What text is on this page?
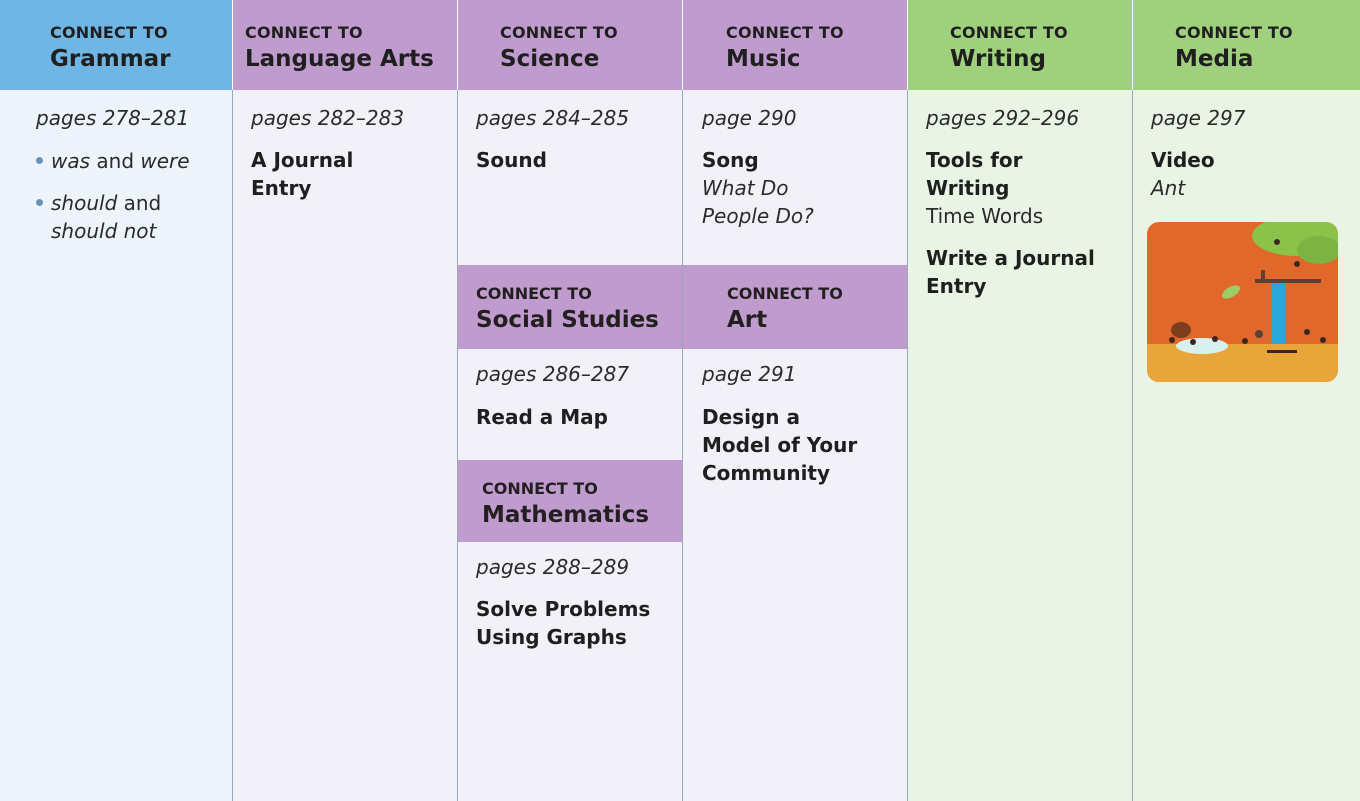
CONNECT TO
Grammar
CONNECT TO
Language Arts
CONNECT TO
Science
CONNECT TO
Music
CONNECT TO
Writing
CONNECT TO
Media
pages 278–281
was and were
should and
should not
pages 282–283
A Journal
Entry
pages 284–285
Sound
CONNECT TO
Social Studies
pages 286–287
Read a Map
CONNECT TO
Mathematics
pages 288–289
Solve Problems
Using Graphs
page 290
Song
What Do
People Do?
CONNECT TO
Art
page 291
Design a
Model of Your
Community
pages 292–296
Tools for
Writing
Time Words
Write a Journal
Entry
page 297
Video
Ant
